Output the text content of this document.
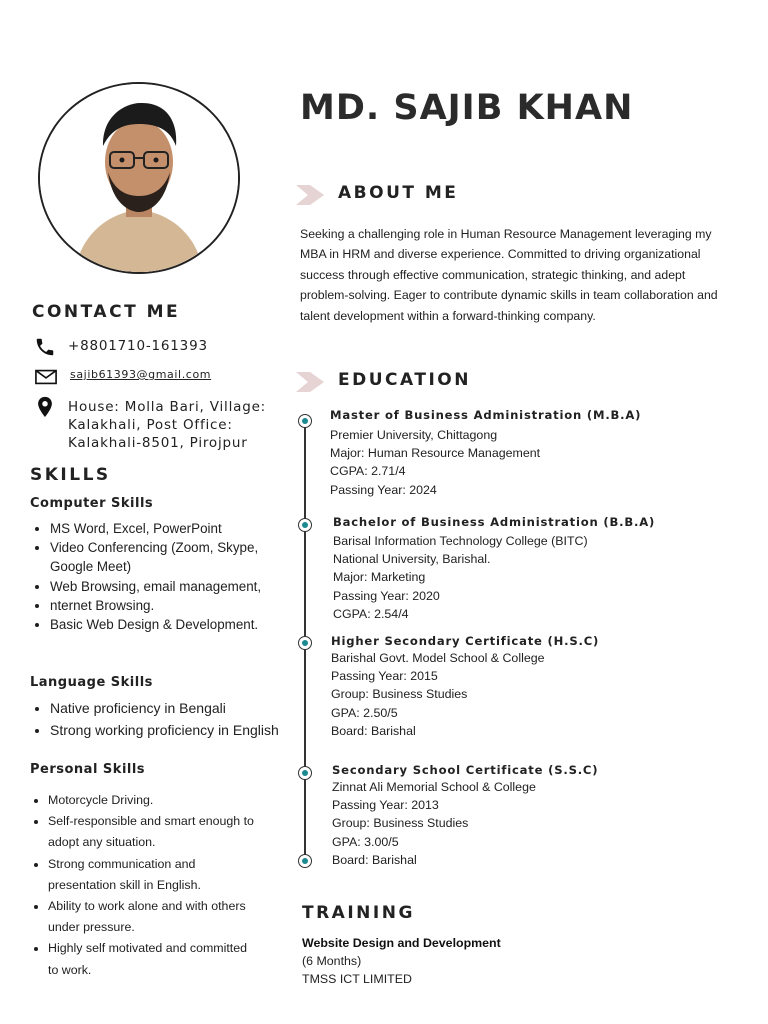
MD. SAJIB KHAN
ABOUT ME
Seeking a challenging role in Human Resource Management leveraging my MBA in HRM and diverse experience. Committed to driving organizational success through effective communication, strategic thinking, and adept problem-solving. Eager to contribute dynamic skills in team collaboration and talent development within a forward-thinking company.
CONTACT ME
+8801710-161393
sajib61393@gmail.com
House: Molla Bari, Village:
Kalakhali, Post Office:
Kalakhali-8501, Pirojpur
SKILLS
Computer Skills
• MS Word, Excel, PowerPoint
• Video Conferencing (Zoom, Skype, Google Meet)
• Web Browsing, email management,
• nternet Browsing.
• Basic Web Design & Development.
Language Skills
• Native proficiency in Bengali
• Strong working proficiency in English
Personal Skills
• Motorcycle Driving.
• Self-responsible and smart enough to adopt any situation.
• Strong communication and presentation skill in English.
• Ability to work alone and with others under pressure.
• Highly self motivated and committed to work.
EDUCATION
Master of Business Administration (M.B.A)
Premier University, Chittagong
Major: Human Resource Management
CGPA: 2.71/4
Passing Year: 2024
Bachelor of Business Administration (B.B.A)
Barisal Information Technology College (BITC)
National University, Barishal.
Major: Marketing
Passing Year: 2020
CGPA: 2.54/4
Higher Secondary Certificate (H.S.C)
Barishal Govt. Model School & College
Passing Year: 2015
Group: Business Studies
GPA: 2.50/5
Board: Barishal
Secondary School Certificate (S.S.C)
Zinnat Ali Memorial School & College
Passing Year: 2013
Group: Business Studies
GPA: 3.00/5
Board: Barishal
TRAINING
Website Design and Development
(6 Months)
TMSS ICT LIMITED
